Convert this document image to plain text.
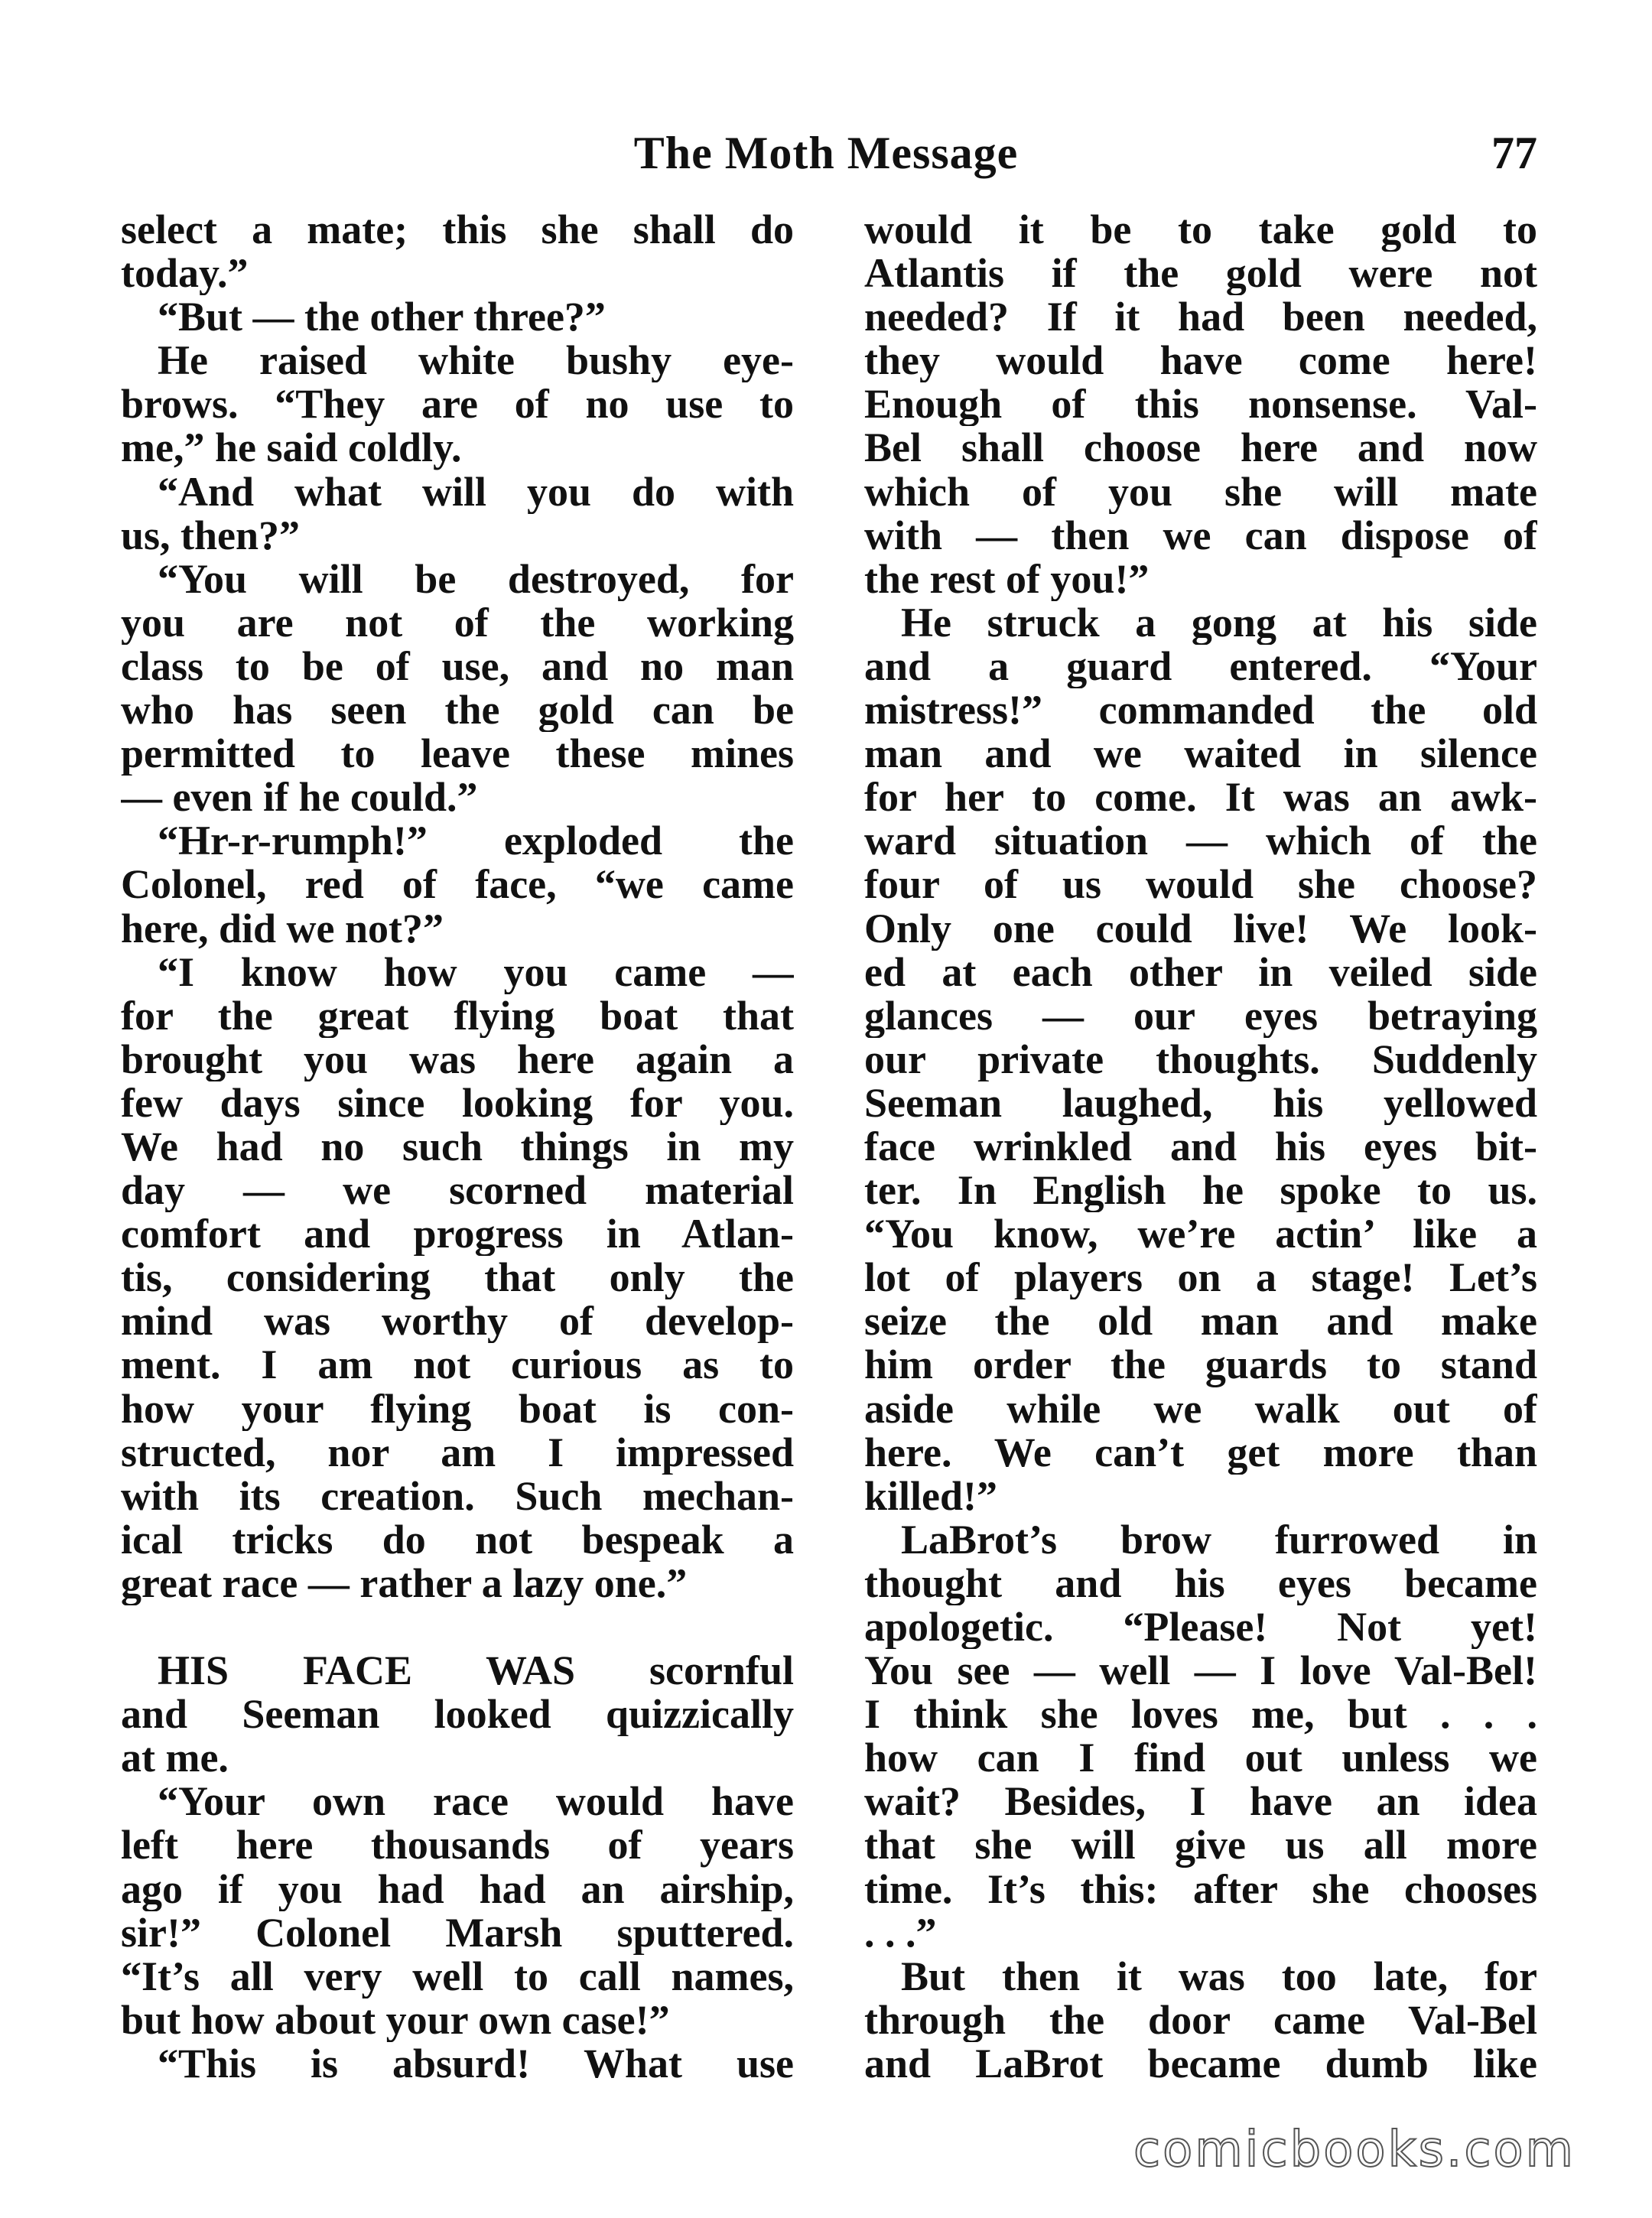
The Moth Message	77
select a mate; this she shall do
today.”
“But — the other three?”
He raised white bushy eye-
brows. “They are of no use to
me,” he said coldly.
“And what will you do with
us, then?”
“You will be destroyed, for
you are not of the working
class to be of use, and no man
who has seen the gold can be
permitted to leave these mines
— even if he could.”
“Hr-r-rumph!” exploded the
Colonel, red of face, “we came
here, did we not?”
“I know how you came —
for the great flying boat that
brought you was here again a
few days since looking for you.
We had no such things in my
day — we scorned material
comfort and progress in Atlan-
tis, considering that only the
mind was worthy of develop-
ment. I am not curious as to
how your flying boat is con-
structed, nor am I impressed
with its creation. Such mechan-
ical tricks do not bespeak a
great race — rather a lazy one.”
HIS FACE WAS scornful
and Seeman looked quizzically
at me.
“Your own race would have
left here thousands of years
ago if you had had an airship,
sir!” Colonel Marsh sputtered.
“It’s all very well to call names,
but how about your own case!”
“This is absurd! What use
would it be to take gold to
Atlantis if the gold were not
needed? If it had been needed,
they would have come here!
Enough of this nonsense. Val-
Bel shall choose here and now
which of you she will mate
with — then we can dispose of
the rest of you!”
He struck a gong at his side
and a guard entered. “Your
mistress!” commanded the old
man and we waited in silence
for her to come. It was an awk-
ward situation — which of the
four of us would she choose?
Only one could live! We look-
ed at each other in veiled side
glances — our eyes betraying
our private thoughts. Suddenly
Seeman laughed, his yellowed
face wrinkled and his eyes bit-
ter. In English he spoke to us.
“You know, we’re actin’ like a
lot of players on a stage! Let’s
seize the old man and make
him order the guards to stand
aside while we walk out of
here. We can’t get more than
killed!”
LaBrot’s brow furrowed in
thought and his eyes became
apologetic. “Please! Not yet!
You see — well — I love Val-Bel!
I think she loves me, but . . .
how can I find out unless we
wait? Besides, I have an idea
that she will give us all more
time. It’s this: after she chooses
. . .”
But then it was too late, for
through the door came Val-Bel
and LaBrot became dumb like
comicbooks.com
